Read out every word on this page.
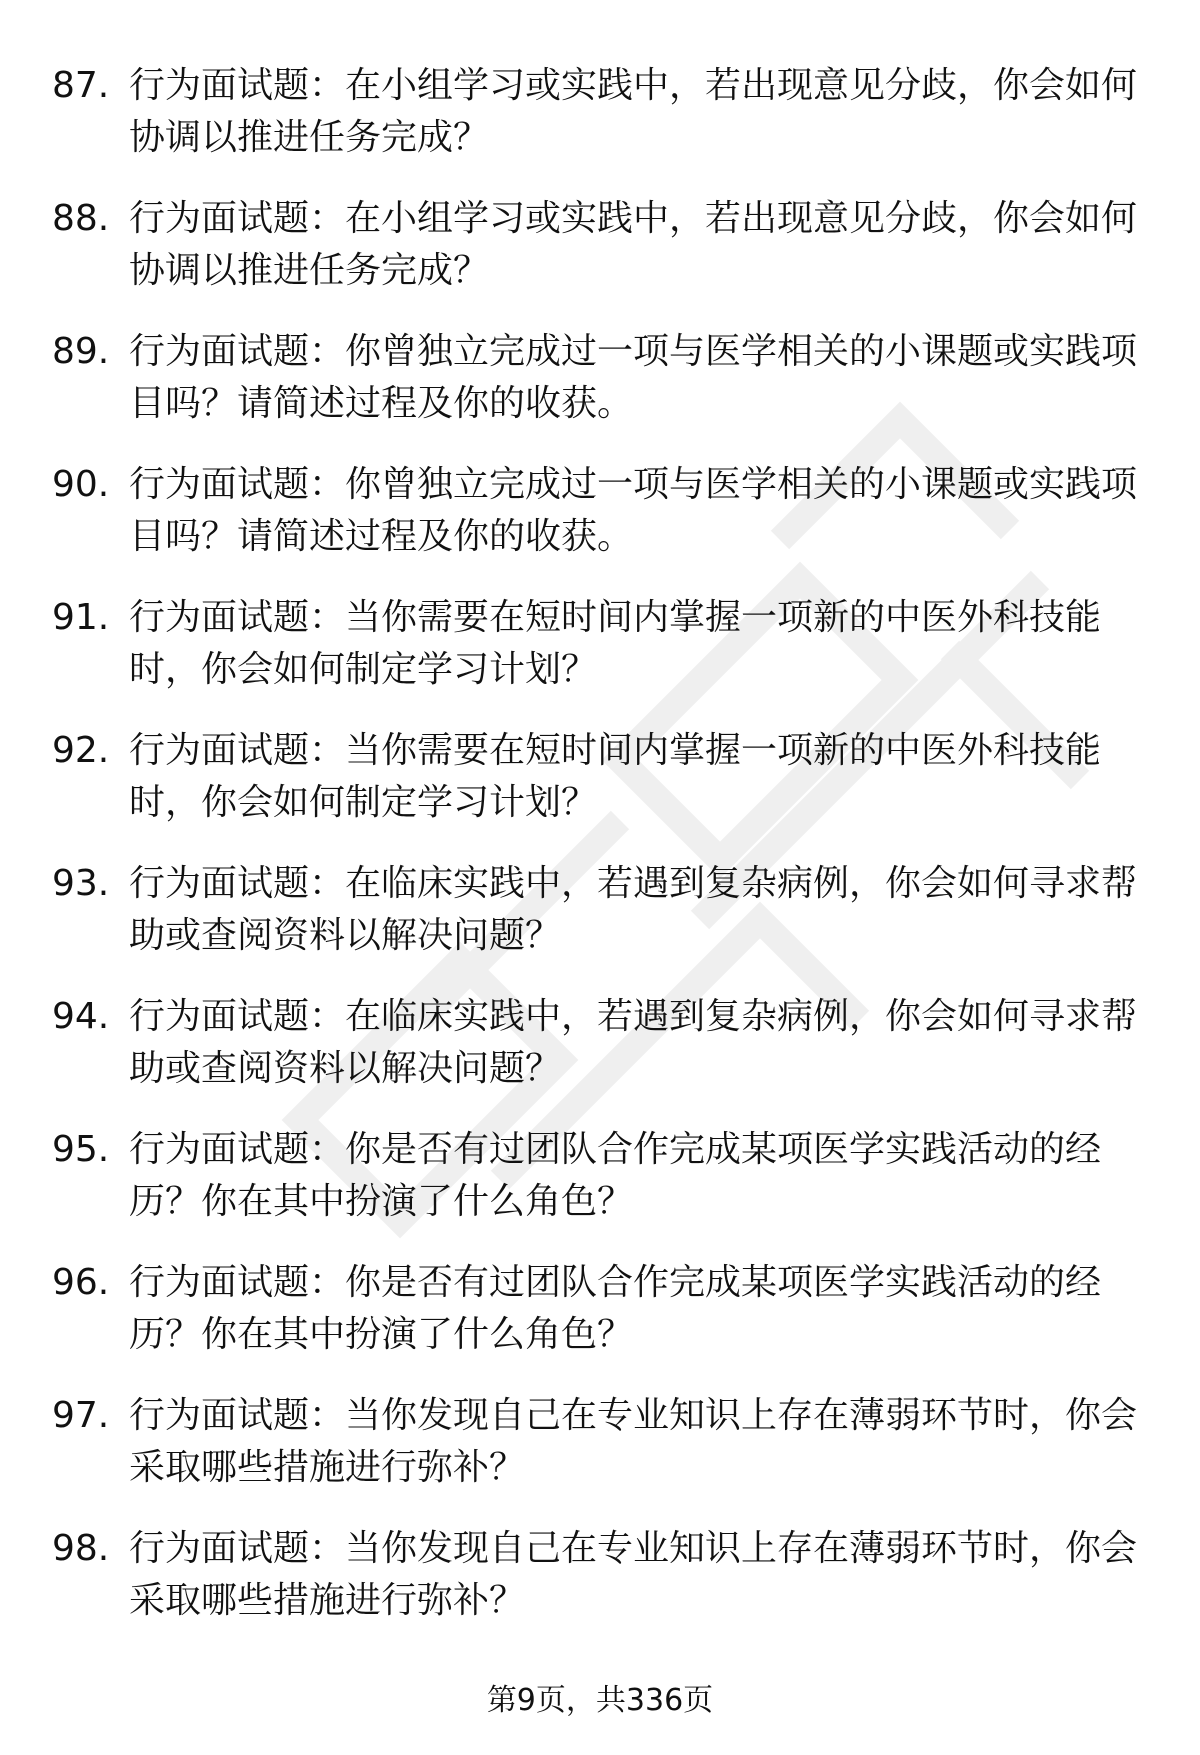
87. 行为面试题：在小组学习或实践中，若出现意见分歧，你会如何协调以推进任务完成？
88. 行为面试题：在小组学习或实践中，若出现意见分歧，你会如何协调以推进任务完成？
89. 行为面试题：你曾独立完成过一项与医学相关的小课题或实践项目吗？请简述过程及你的收获。
90. 行为面试题：你曾独立完成过一项与医学相关的小课题或实践项目吗？请简述过程及你的收获。
91. 行为面试题：当你需要在短时间内掌握一项新的中医外科技能时，你会如何制定学习计划？
92. 行为面试题：当你需要在短时间内掌握一项新的中医外科技能时，你会如何制定学习计划？
93. 行为面试题：在临床实践中，若遇到复杂病例，你会如何寻求帮助或查阅资料以解决问题？
94. 行为面试题：在临床实践中，若遇到复杂病例，你会如何寻求帮助或查阅资料以解决问题？
95. 行为面试题：你是否有过团队合作完成某项医学实践活动的经历？你在其中扮演了什么角色？
96. 行为面试题：你是否有过团队合作完成某项医学实践活动的经历？你在其中扮演了什么角色？
97. 行为面试题：当你发现自己在专业知识上存在薄弱环节时，你会采取哪些措施进行弥补？
98. 行为面试题：当你发现自己在专业知识上存在薄弱环节时，你会采取哪些措施进行弥补？
第9页，共336页
